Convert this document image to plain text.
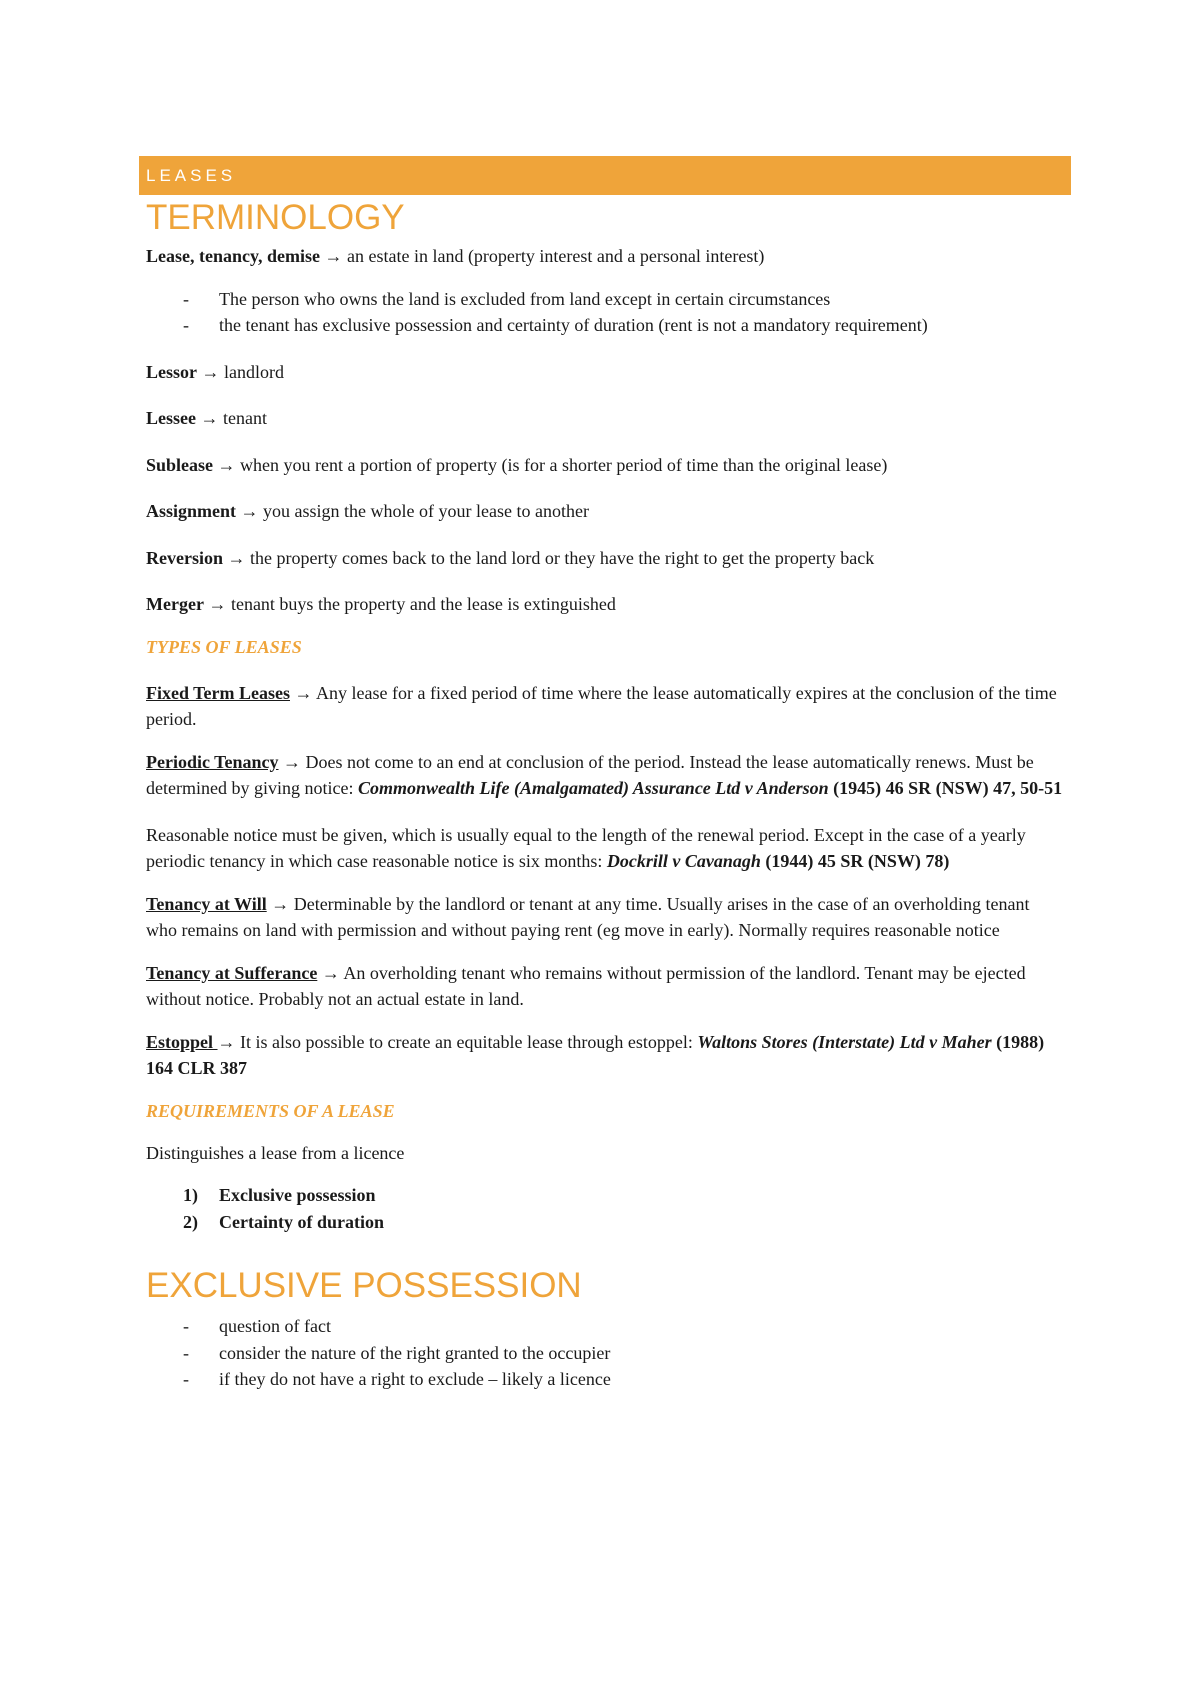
LEASES
TERMINOLOGY

Lease, tenancy, demise → an estate in land (property interest and a personal interest)

- The person who owns the land is excluded from land except in certain circumstances
- the tenant has exclusive possession and certainty of duration (rent is not a mandatory requirement)

Lessor → landlord

Lessee → tenant

Sublease → when you rent a portion of property (is for a shorter period of time than the original lease)

Assignment → you assign the whole of your lease to another

Reversion → the property comes back to the land lord or they have the right to get the property back

Merger → tenant buys the property and the lease is extinguished

TYPES OF LEASES

Fixed Term Leases → Any lease for a fixed period of time where the lease automatically expires at the conclusion of the time period.

Periodic Tenancy → Does not come to an end at conclusion of the period. Instead the lease automatically renews. Must be determined by giving notice: Commonwealth Life (Amalgamated) Assurance Ltd v Anderson (1945) 46 SR (NSW) 47, 50-51

Reasonable notice must be given, which is usually equal to the length of the renewal period. Except in the case of a yearly periodic tenancy in which case reasonable notice is six months: Dockrill v Cavanagh (1944) 45 SR (NSW) 78)

Tenancy at Will → Determinable by the landlord or tenant at any time. Usually arises in the case of an overholding tenant who remains on land with permission and without paying rent (eg move in early). Normally requires reasonable notice

Tenancy at Sufferance → An overholding tenant who remains without permission of the landlord. Tenant may be ejected without notice. Probably not an actual estate in land.

Estoppel → It is also possible to create an equitable lease through estoppel: Waltons Stores (Interstate) Ltd v Maher (1988) 164 CLR 387

REQUIREMENTS OF A LEASE

Distinguishes a lease from a licence

1) Exclusive possession
2) Certainty of duration
EXCLUSIVE POSSESSION
- question of fact
- consider the nature of the right granted to the occupier
- if they do not have a right to exclude – likely a licence
